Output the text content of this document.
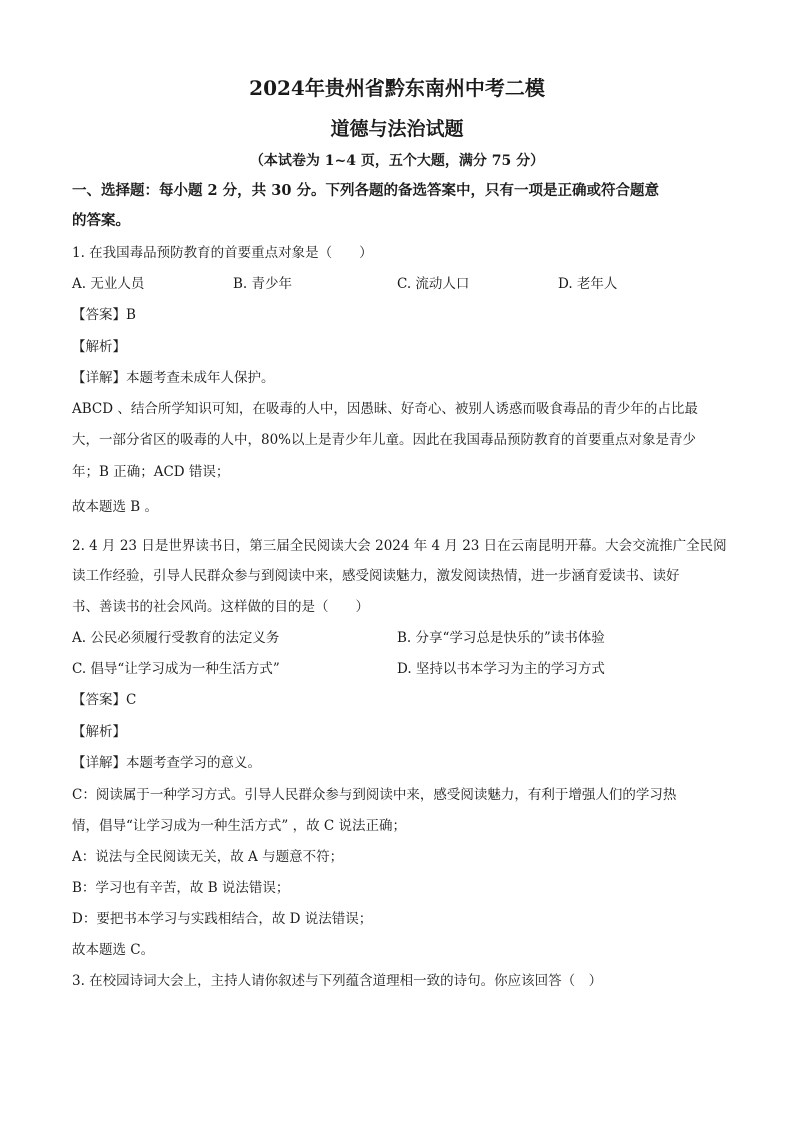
2024年贵州省黔东南州中考二模
道德与法治试题
（本试卷为 1~4 页，五个大题，满分 75 分）
一、选择题：每小题 2 分，共 30 分。下列各题的备选答案中，只有一项是正确或符合题意
的答案。
1. 在我国毒品预防教育的首要重点对象是（　　）
A. 无业人员	B. 青少年	C. 流动人口	D. 老年人
【答案】B
【解析】
【详解】本题考查未成年人保护。
ABCD 、结合所学知识可知，在吸毒的人中，因愚昧、好奇心、被别人诱惑而吸食毒品的青少年的占比最
大，一部分省区的吸毒的人中，80%以上是青少年儿童。因此在我国毒品预防教育的首要重点对象是青少
年；B 正确；ACD 错误；
故本题选 B 。
2. 4 月 23 日是世界读书日，第三届全民阅读大会 2024 年 4 月 23 日在云南昆明开幕。大会交流推广全民阅
读工作经验，引导人民群众参与到阅读中来，感受阅读魅力，激发阅读热情，进一步涵育爱读书、读好
书、善读书的社会风尚。这样做的目的是（　　）
A. 公民必须履行受教育的法定义务	B. 分享“学习总是快乐的”读书体验
C. 倡导“让学习成为一种生活方式”	D. 坚持以书本学习为主的学习方式
【答案】C
【解析】
【详解】本题考查学习的意义。
C：阅读属于一种学习方式。引导人民群众参与到阅读中来，感受阅读魅力，有利于增强人们的学习热
情，倡导“让学习成为一种生活方式” ，故 C 说法正确；
A：说法与全民阅读无关，故 A 与题意不符；
B：学习也有辛苦，故 B 说法错误；
D：要把书本学习与实践相结合，故 D 说法错误；
故本题选 C。
3. 在校园诗词大会上，主持人请你叙述与下列蕴含道理相一致的诗句。你应该回答（　）
